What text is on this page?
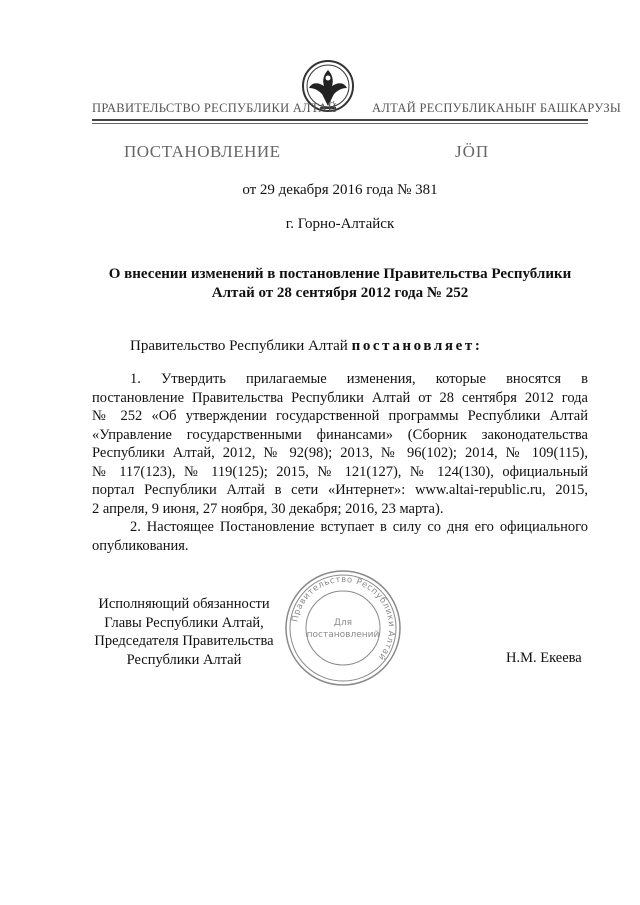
ПРАВИТЕЛЬСТВО РЕСПУБЛИКИ АЛТАЙ	АЛТАЙ РЕСПУБЛИКАНЫҤ БАШКАРУЗЫ
ПОСТАНОВЛЕНИЕ	ЈӦП
от 29 декабря 2016 года № 381
г. Горно-Алтайск
О внесении изменений в постановление Правительства Республики
Алтай от 28 сентября 2012 года № 252
Правительство Республики Алтай постановляет:
1. Утвердить прилагаемые изменения, которые вносятся в
постановление Правительства Республики Алтай от 28 сентября 2012 года
№ 252 «Об утверждении государственной программы Республики Алтай
«Управление государственными финансами» (Сборник законодательства
Республики Алтай, 2012, № 92(98); 2013, № 96(102); 2014, № 109(115),
№ 117(123), № 119(125); 2015, № 121(127), № 124(130), официальный
портал Республики Алтай в сети «Интернет»: www.altai-republic.ru, 2015,
2 апреля, 9 июня, 27 ноября, 30 декабря; 2016, 23 марта).
2. Настоящее Постановление вступает в силу со дня его официального
опубликования.
Исполняющий обязанности
Главы Республики Алтай,
Председателя Правительства
Республики Алтай	Н.М. Екеева
Правительство Республики Алтай
Для
постановлений
